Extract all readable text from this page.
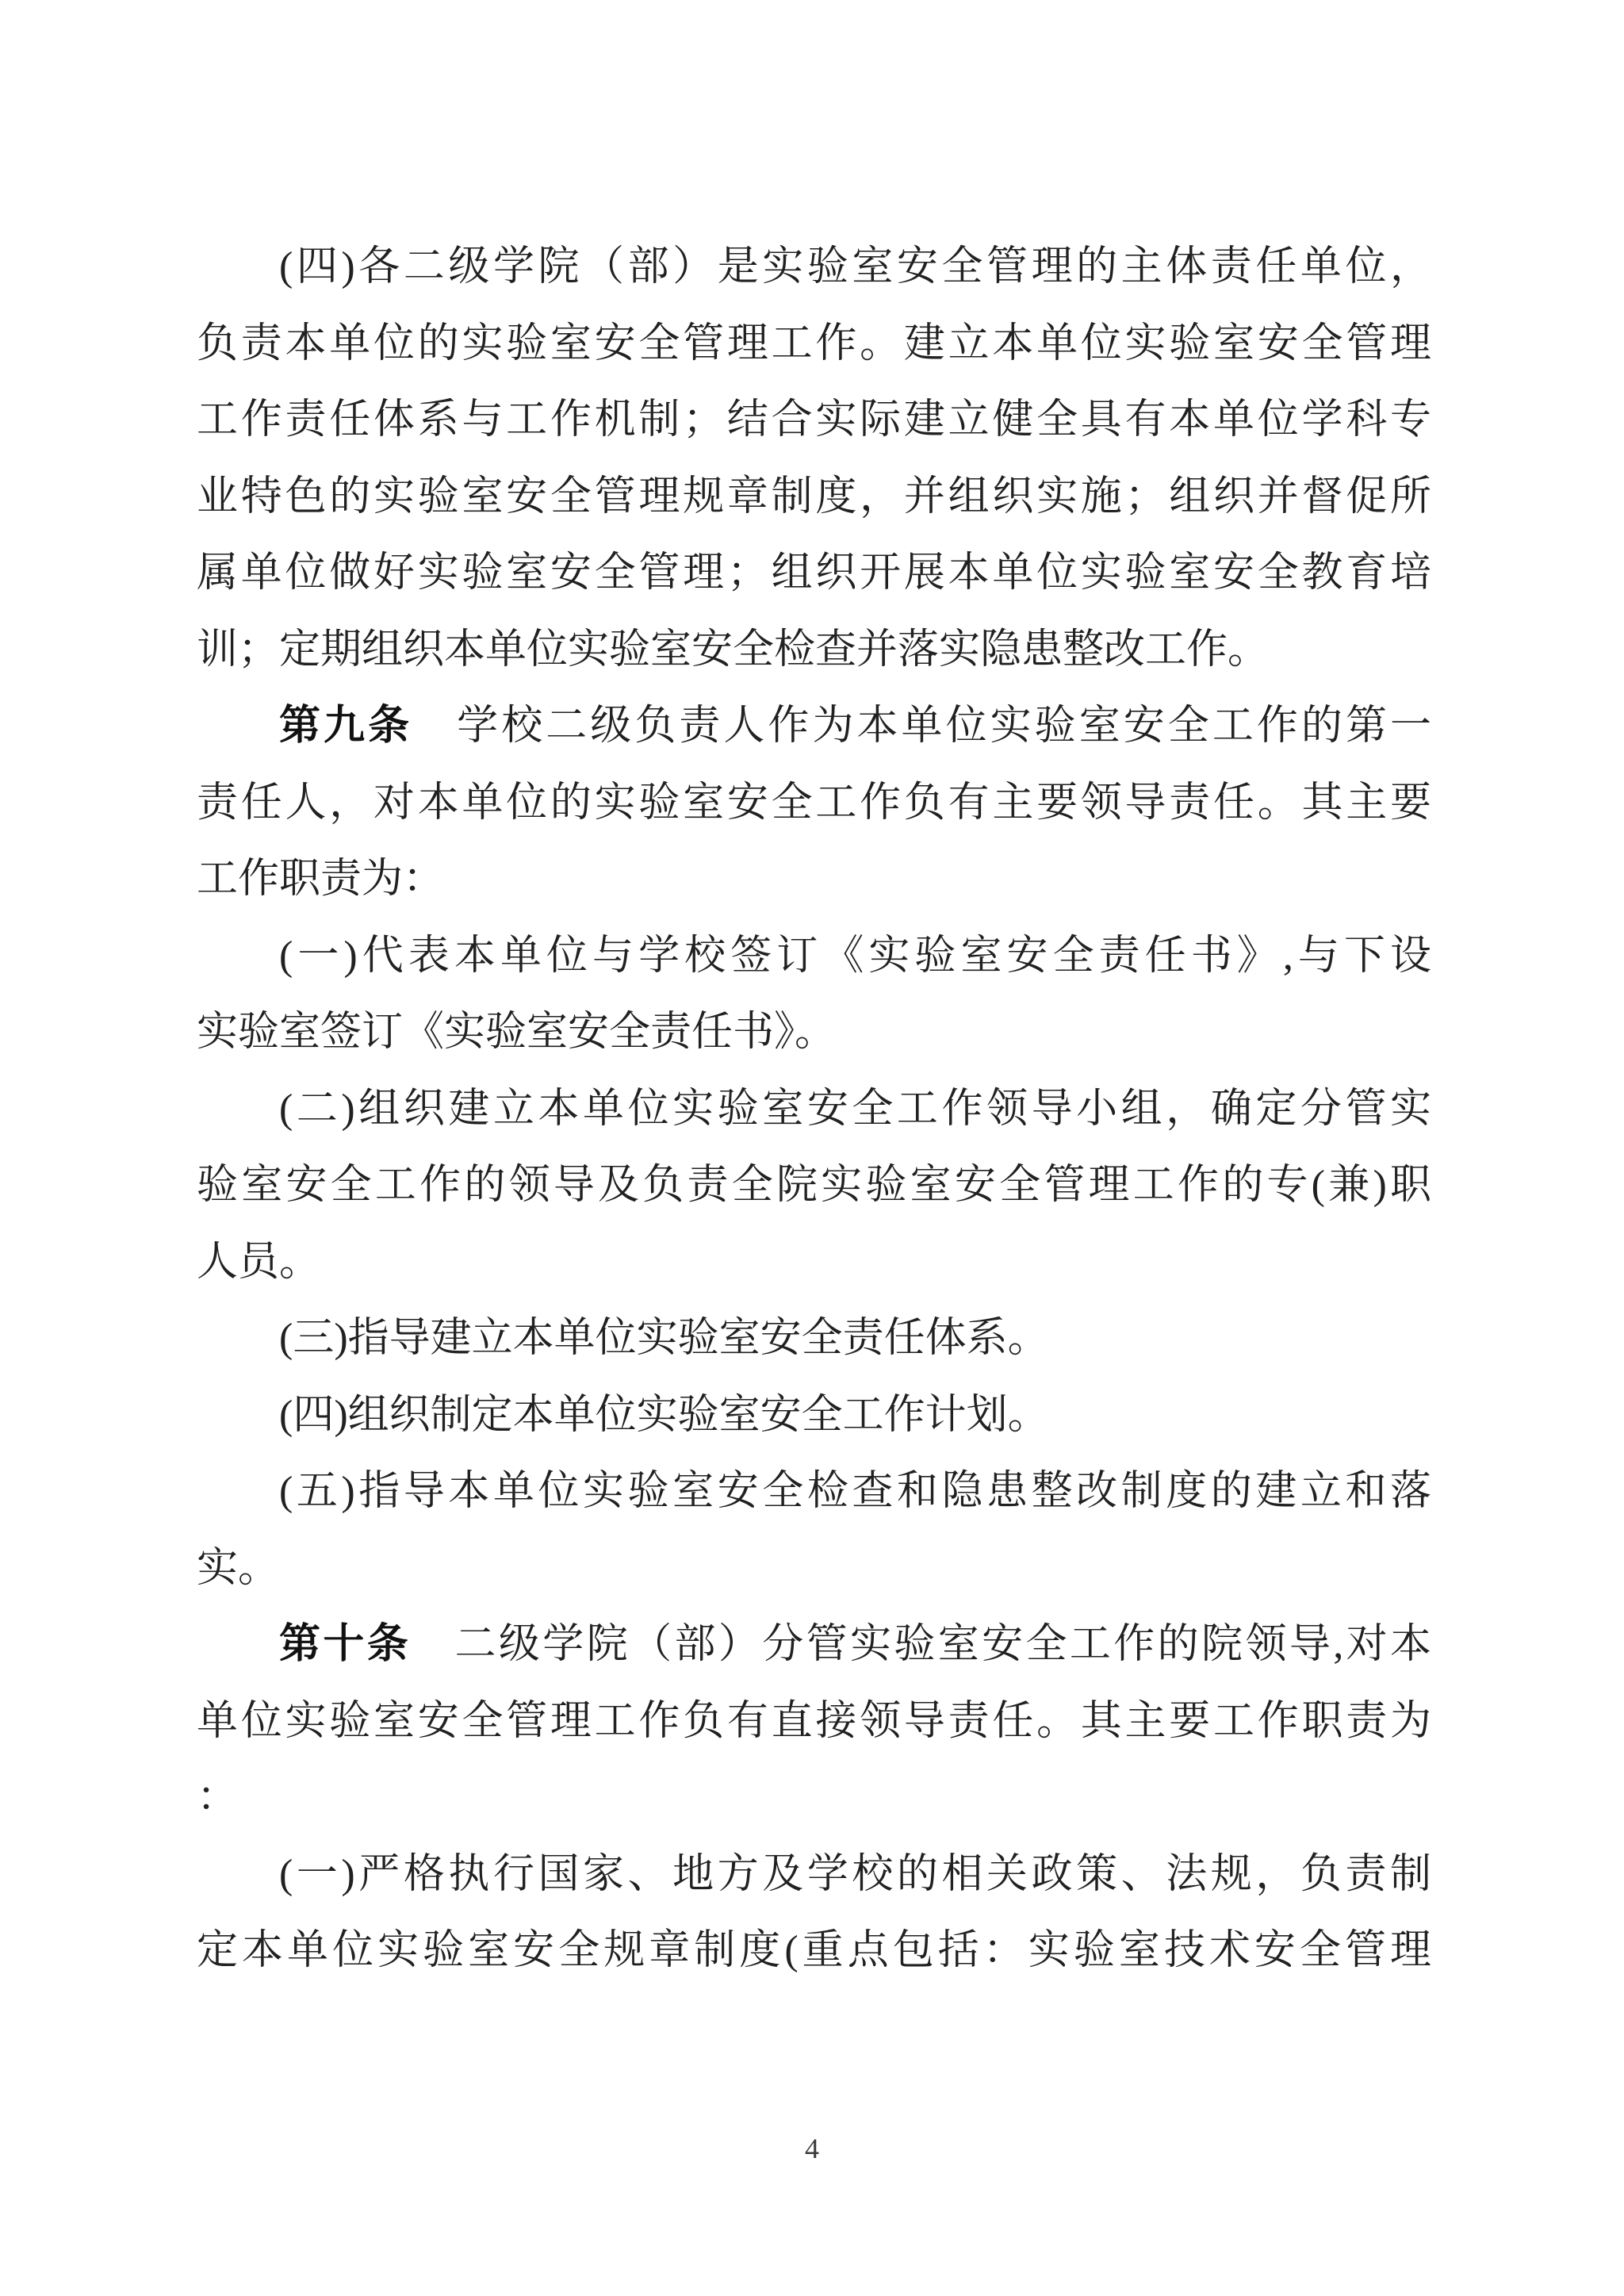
(四)各二级学院（部）是实验室安全管理的主体责任单位，
负责本单位的实验室安全管理工作。建立本单位实验室安全管理
工作责任体系与工作机制；结合实际建立健全具有本单位学科专
业特色的实验室安全管理规章制度，并组织实施；组织并督促所
属单位做好实验室安全管理；组织开展本单位实验室安全教育培
训；定期组织本单位实验室安全检查并落实隐患整改工作。
第九条　学校二级负责人作为本单位实验室安全工作的第一
责任人，对本单位的实验室安全工作负有主要领导责任。其主要
工作职责为：
(一)代表本单位与学校签订《实验室安全责任书》,与下设
实验室签订《实验室安全责任书》。
(二)组织建立本单位实验室安全工作领导小组，确定分管实
验室安全工作的领导及负责全院实验室安全管理工作的专(兼)职
人员。
(三)指导建立本单位实验室安全责任体系。
(四)组织制定本单位实验室安全工作计划。
(五)指导本单位实验室安全检查和隐患整改制度的建立和落
实。
第十条　二级学院（部）分管实验室安全工作的院领导,对本
单位实验室安全管理工作负有直接领导责任。其主要工作职责为
：
(一)严格执行国家、地方及学校的相关政策、法规，负责制
定本单位实验室安全规章制度(重点包括：实验室技术安全管理
4
